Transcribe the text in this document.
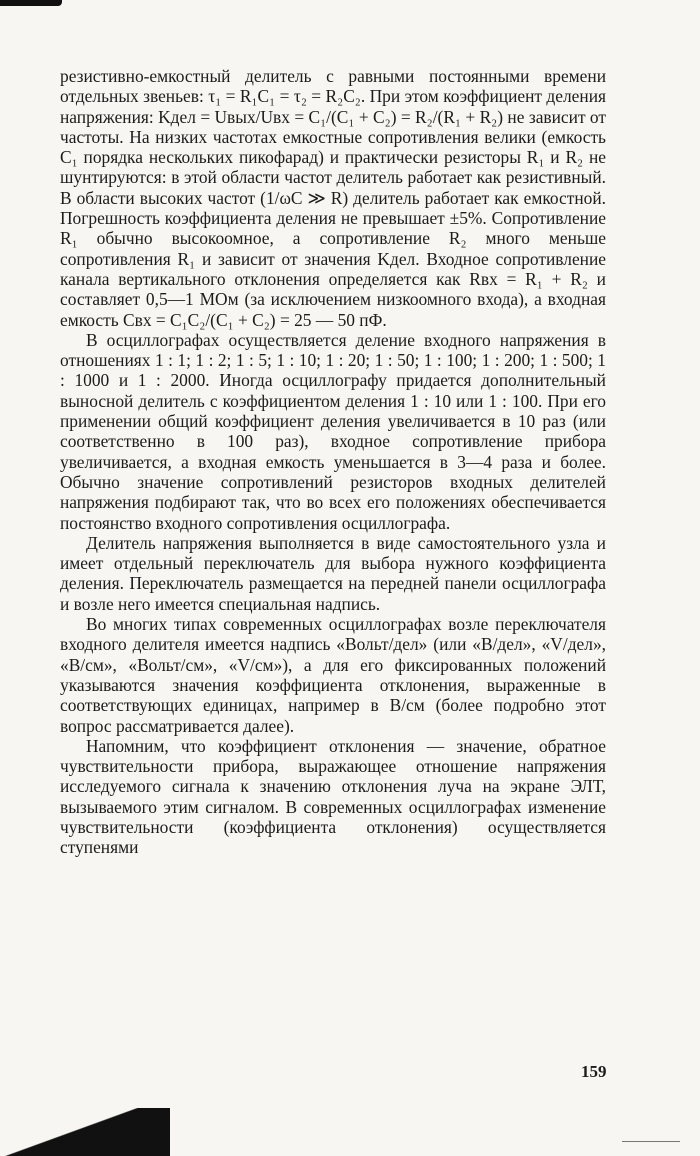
резистивно-емкостный делитель с равными постоянными времени отдельных звеньев: τ₁ = R₁C₁ = τ₂ = R₂C₂. При этом коэффициент деления напряжения: Kдел = Uвых/Uвх = C₁/(C₁ + C₂) = R₂/(R₁ + R₂) не зависит от частоты. На низких частотах емкостные сопротивления велики (емкость C₁ порядка нескольких пикофарад) и практически резисторы R₁ и R₂ не шунтируются: в этой области частот делитель работает как резистивный. В области высоких частот (1/ωC ≫ R) делитель работает как емкостной. Погрешность коэффициента деления не превышает ±5%. Сопротивление R₁ обычно высокоомное, а сопротивление R₂ много меньше сопротивления R₁ и зависит от значения Kдел. Входное сопротивление канала вертикального отклонения определяется как Rвх = R₁ + R₂ и составляет 0,5—1 МОм (за исключением низкоомного входа), а входная емкость Cвх = C₁C₂/(C₁ + C₂) = 25 — 50 пФ.

В осциллографах осуществляется деление входного напряжения в отношениях 1 : 1; 1 : 2; 1 : 5; 1 : 10; 1 : 20; 1 : 50; 1 : 100; 1 : 200; 1 : 500; 1 : 1000 и 1 : 2000. Иногда осциллографу придается дополнительный выносной делитель с коэффициентом деления 1 : 10 или 1 : 100. При его применении общий коэффициент деления увеличивается в 10 раз (или соответственно в 100 раз), входное сопротивление прибора увеличивается, а входная емкость уменьшается в 3—4 раза и более. Обычно значение сопротивлений резисторов входных делителей напряжения подбирают так, что во всех его положениях обеспечивается постоянство входного сопротивления осциллографа.

Делитель напряжения выполняется в виде самостоятельного узла и имеет отдельный переключатель для выбора нужного коэффициента деления. Переключатель размещается на передней панели осциллографа и возле него имеется специальная надпись.

Во многих типах современных осциллографах возле переключателя входного делителя имеется надпись «Вольт/дел» (или «В/дел», «V/дел», «В/см», «Вольт/см», «V/см»), а для его фиксированных положений указываются значения коэффициента отклонения, выраженные в соответствующих единицах, например в В/см (более подробно этот вопрос рассматривается далее).

Напомним, что коэффициент отклонения — значение, обратное чувствительности прибора, выражающее отношение напряжения исследуемого сигнала к значению отклонения луча на экране ЭЛТ, вызываемого этим сигналом. В современных осциллографах изменение чувствительности (коэффициента отклонения) осуществляется ступенями

159
